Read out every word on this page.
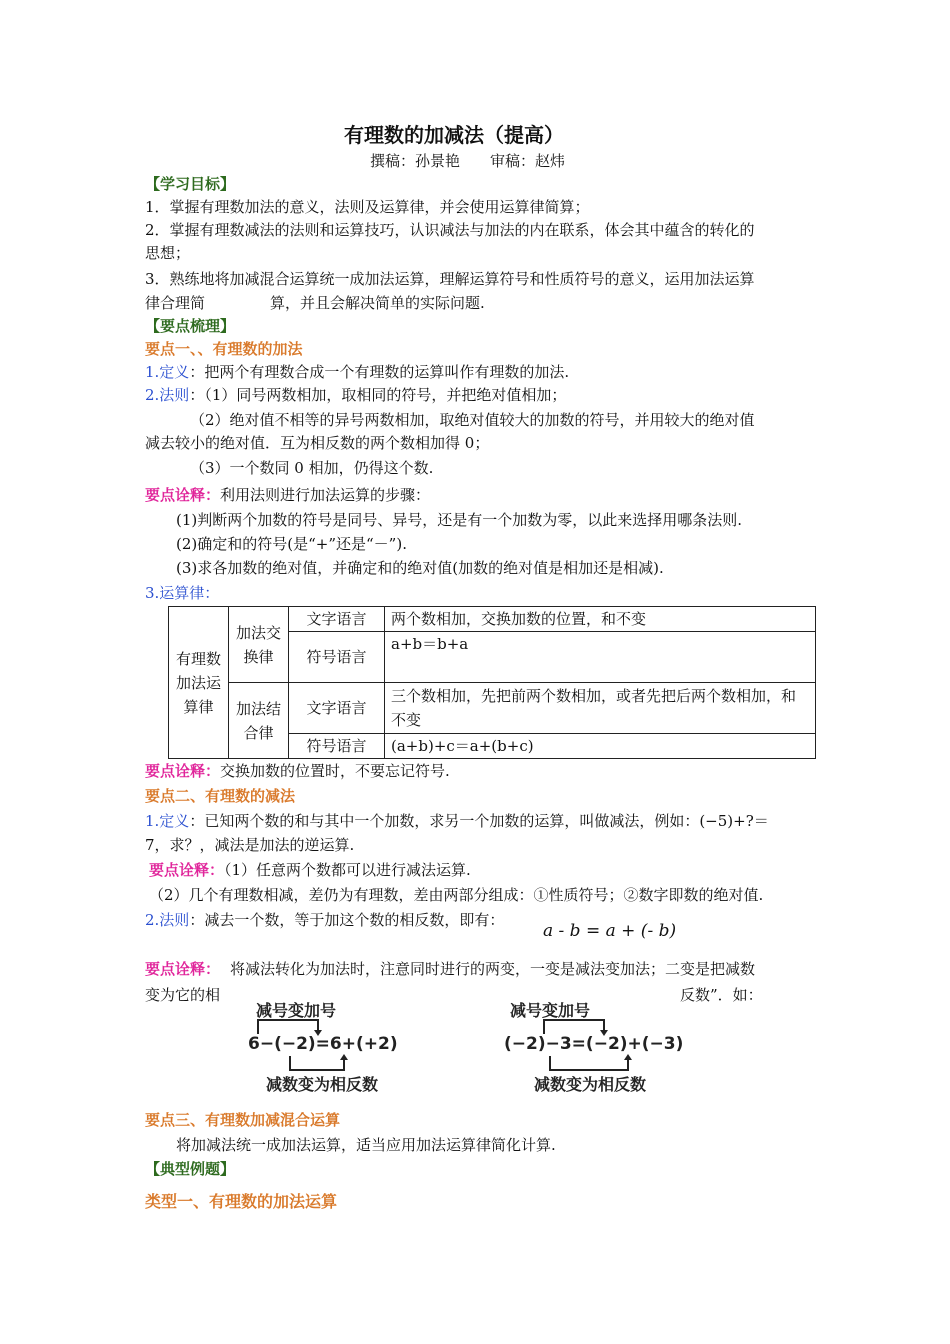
有理数的加减法（提高）
撰稿：孙景艳　　审稿：赵炜
【学习目标】
1．掌握有理数加法的意义，法则及运算律，并会使用运算律简算；
2．掌握有理数减法的法则和运算技巧，认识减法与加法的内在联系，体会其中蕴含的转化的
思想；
3．熟练地将加减混合运算统一成加法运算，理解运算符号和性质符号的意义，运用加法运算
律合理简	算，并且会解决简单的实际问题.
【要点梳理】
要点一、、有理数的加法
1.定义：把两个有理数合成一个有理数的运算叫作有理数的加法.
2.法则：（1）同号两数相加，取相同的符号，并把绝对值相加；
（2）绝对值不相等的异号两数相加，取绝对值较大的加数的符号，并用较大的绝对值
减去较小的绝对值．互为相反数的两个数相加得 0；
（3）一个数同 0 相加，仍得这个数.
要点诠释：利用法则进行加法运算的步骤：
(1)判断两个加数的符号是同号、异号，还是有一个加数为零，以此来选择用哪条法则.
(2)确定和的符号(是“+”还是“－”).
(3)求各加数的绝对值，并确定和的绝对值(加数的绝对值是相加还是相减).
3.运算律：
有理数加法运算律	加法交换律	文字语言	两个数相加，交换加数的位置，和不变
		符号语言	a+b＝b+a
	加法结合律	文字语言	三个数相加，先把前两个数相加，或者先把后两个数相加，和不变
		符号语言	(a+b)+c＝a+(b+c)
要点诠释：交换加数的位置时，不要忘记符号.
要点二、有理数的减法
1.定义：已知两个数的和与其中一个加数，求另一个加数的运算，叫做减法，例如：(−5)+?＝
7，求？，减法是加法的逆运算.
要点诠释：（1）任意两个数都可以进行减法运算.
（2）几个有理数相减，差仍为有理数，差由两部分组成：①性质符号；②数字即数的绝对值.
2.法则：减去一个数，等于加这个数的相反数，即有：
a - b = a + (- b)
要点诠释： 将减法转化为加法时，注意同时进行的两变，一变是减法变加法；二变是把减数
变为它的相	反数”．如：
减号变加号
6−(−2)=6+(+2)
减数变为相反数
减号变加号
(−2)−3=(−2)+(−3)
减数变为相反数
要点三、有理数加减混合运算
将加减法统一成加法运算，适当应用加法运算律简化计算.
【典型例题】
类型一、有理数的加法运算
